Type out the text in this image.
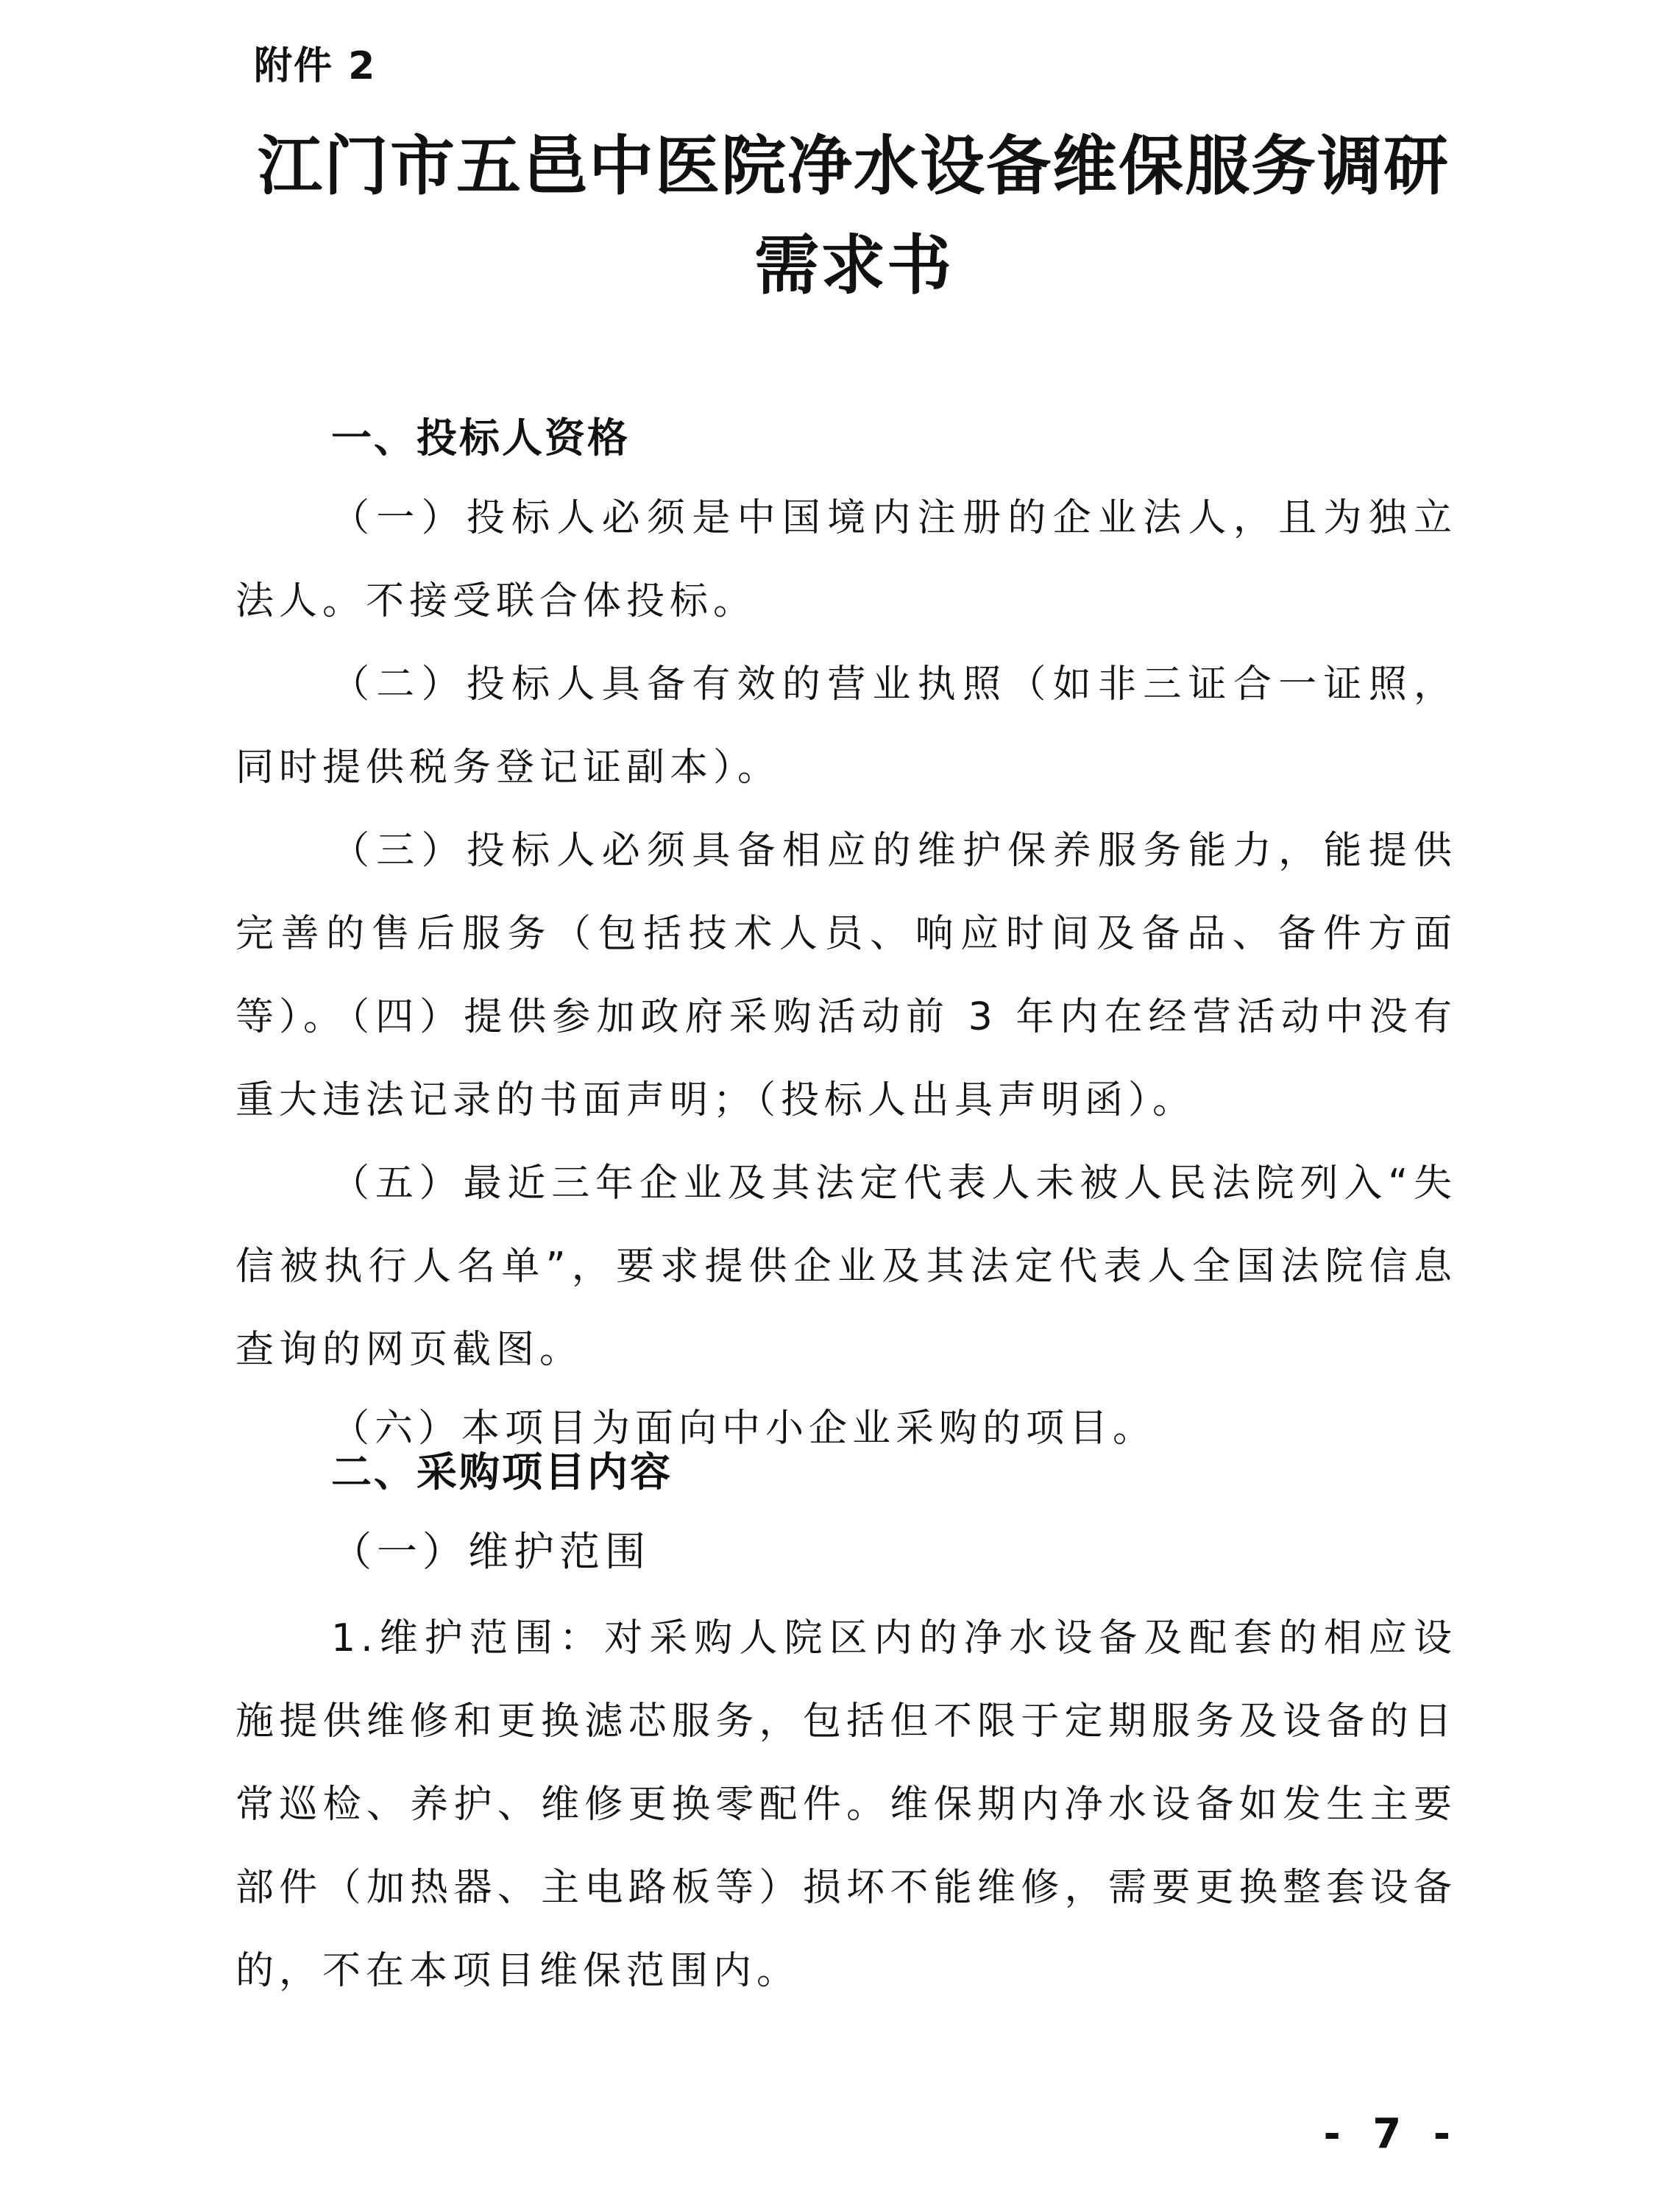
附件 2
江门市五邑中医院净水设备维保服务调研
需求书
一、投标人资格
（一）投标人必须是中国境内注册的企业法人，且为独立法人。不接受联合体投标。
（二）投标人具备有效的营业执照（如非三证合一证照，同时提供税务登记证副本）。
（三）投标人必须具备相应的维护保养服务能力，能提供完善的售后服务（包括技术人员、响应时间及备品、备件方面等）。
（四）提供参加政府采购活动前 3 年内在经营活动中没有重大违法记录的书面声明；（投标人出具声明函）。
（五）最近三年企业及其法定代表人未被人民法院列入“失信被执行人名单”，要求提供企业及其法定代表人全国法院信息查询的网页截图。
（六）本项目为面向中小企业采购的项目。
二、采购项目内容
（一）维护范围
1.维护范围：对采购人院区内的净水设备及配套的相应设施提供维修和更换滤芯服务，包括但不限于定期服务及设备的日常巡检、养护、维修更换零配件。维保期内净水设备如发生主要部件（加热器、主电路板等）损坏不能维修，需要更换整套设备的，不在本项目维保范围内。
- 7 -
